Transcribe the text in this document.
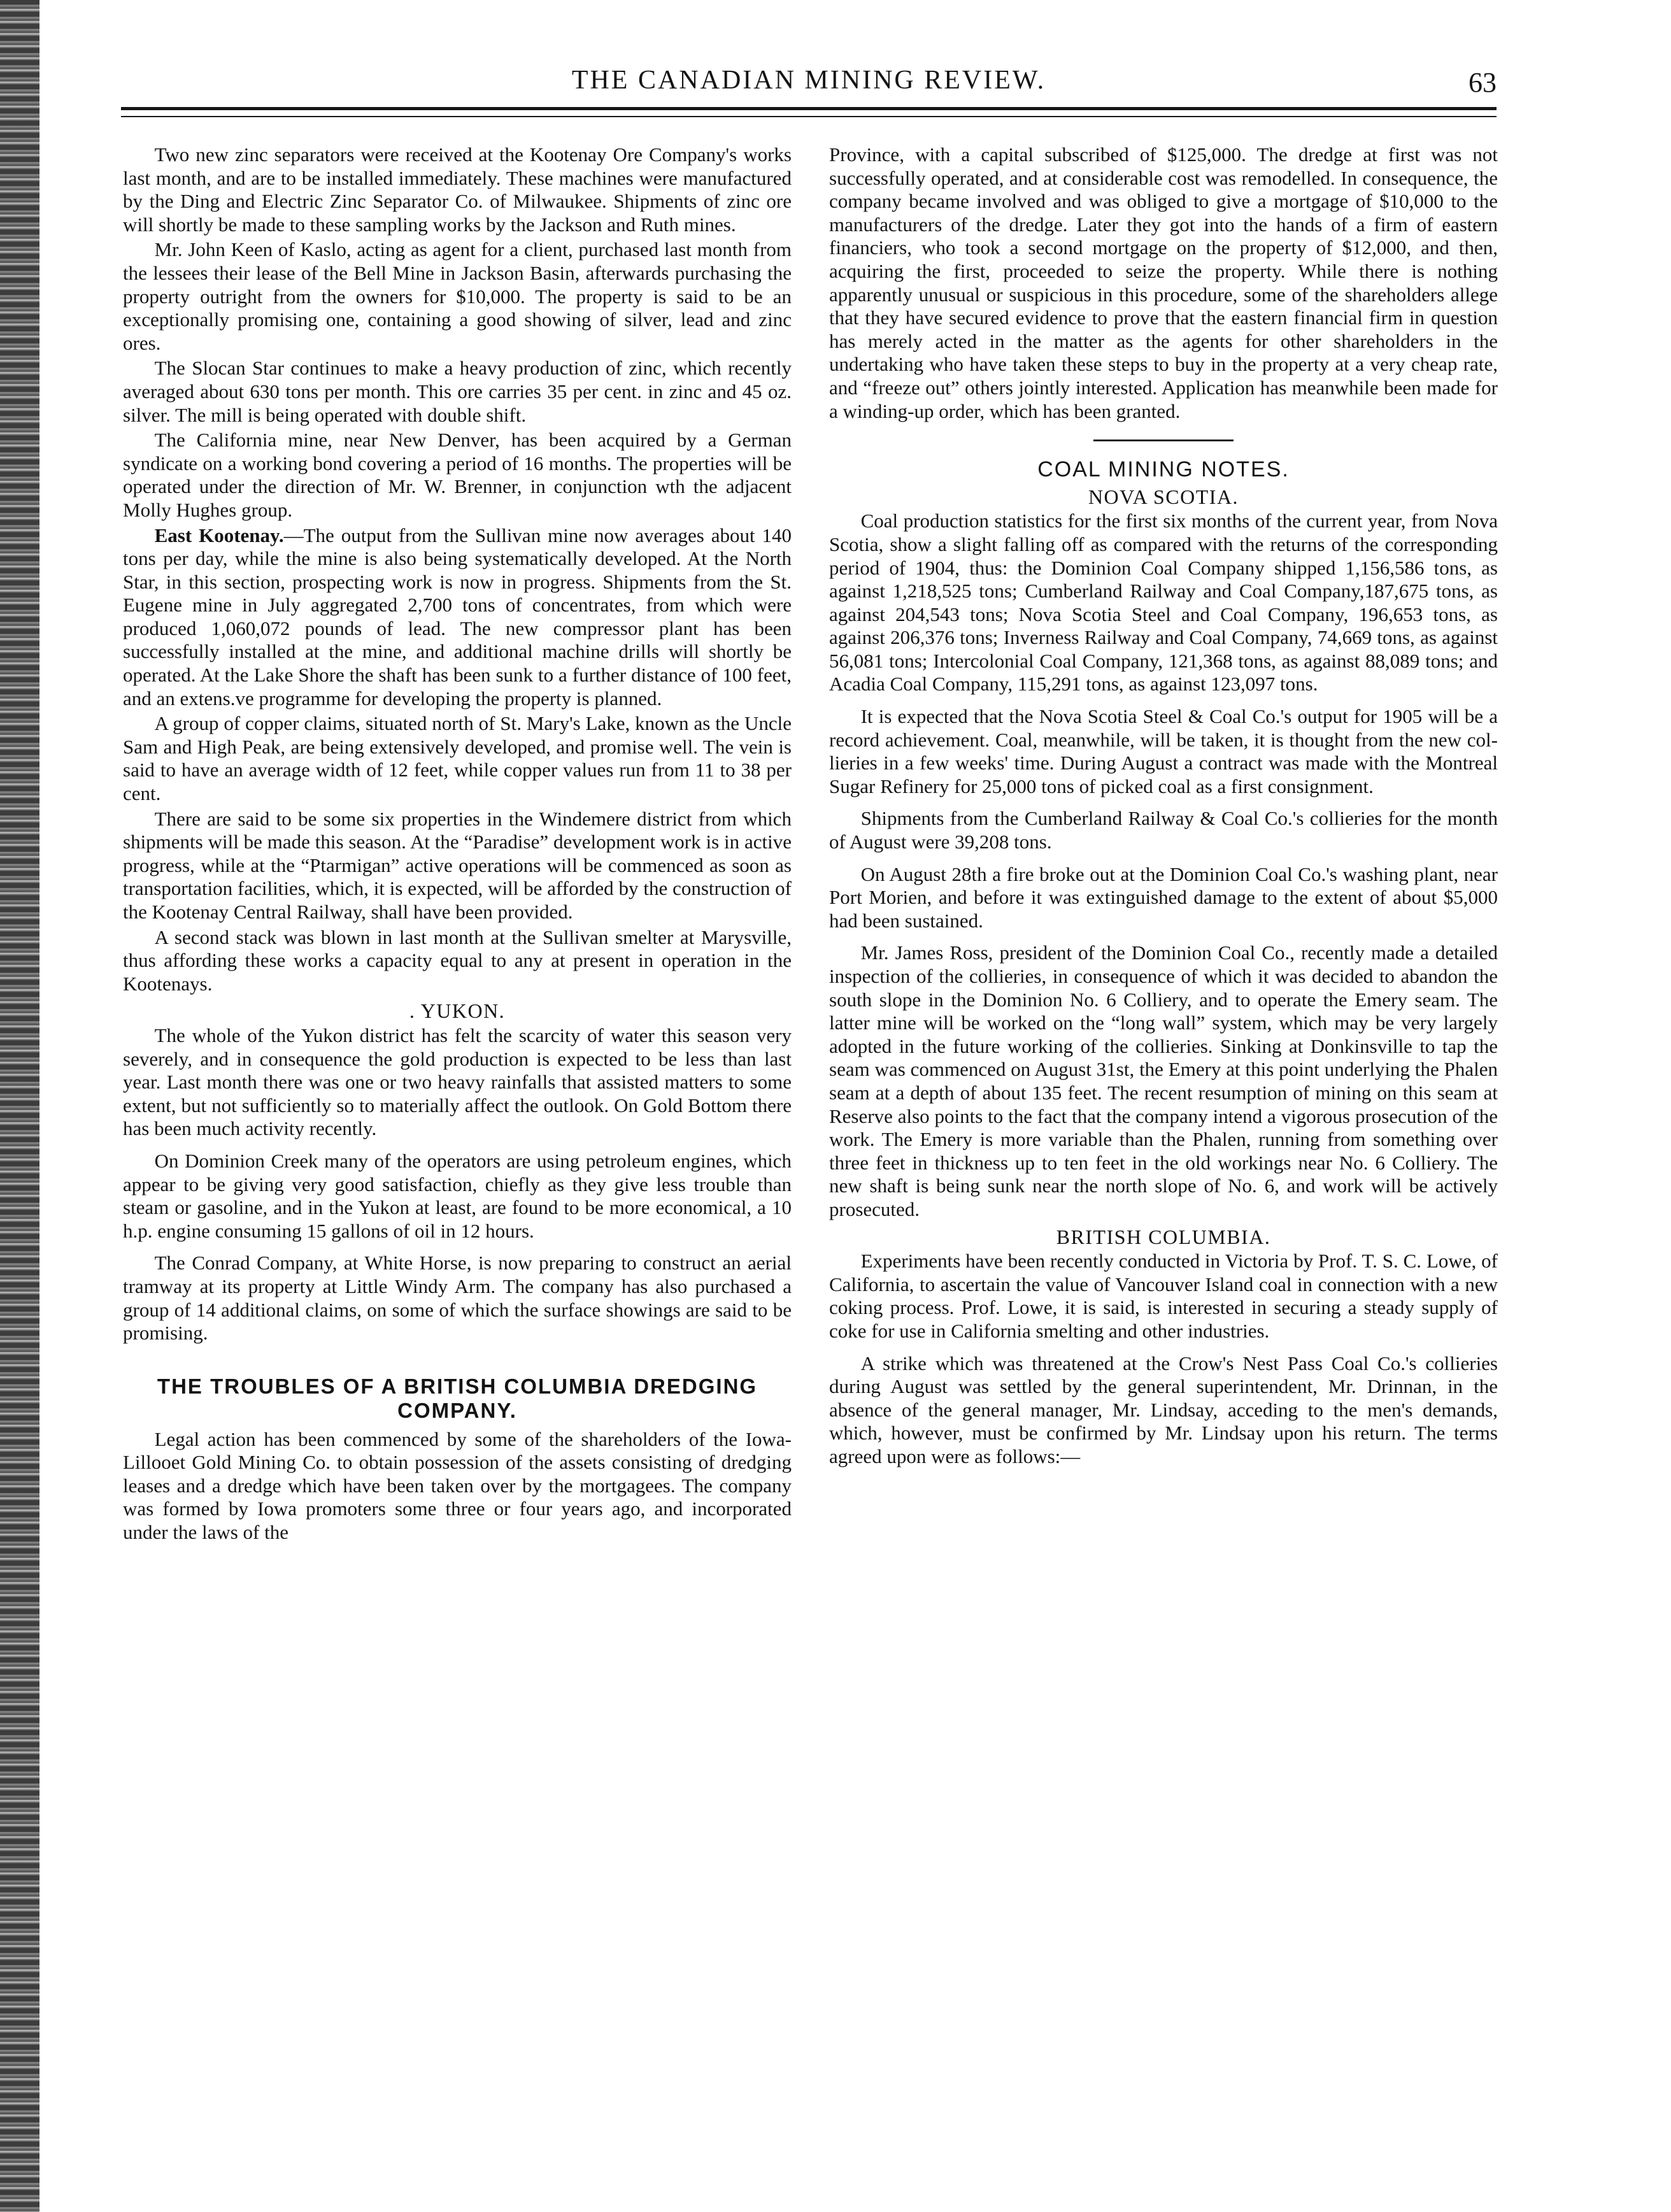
THE CANADIAN MINING REVIEW.	63

Two new zinc separators were received at the Kootenay Ore Company's works last month, and are to be installed immediately. These machines were manufactured by the Ding and Electric Zinc Separator Co. of Milwaukee. Shipments of zinc ore will shortly be made to these sampling works by the Jackson and Ruth mines.

Mr. John Keen of Kaslo, acting as agent for a client, purchased last month from the lessees their lease of the Bell Mine in Jackson Basin, afterwards purchasing the property outright from the owners for $10,000. The property is said to be an exceptionally promising one, containing a good showing of silver, lead and zinc ores.

The Slocan Star continues to make a heavy production of zinc, which recently averaged about 630 tons per month. This ore carries 35 per cent. in zinc and 45 oz. silver. The mill is being operated with double shift.

The California mine, near New Denver, has been acquired by a German syndicate on a working bond covering a period of 16 months. The properties will be operated under the direction of Mr. W. Brenner, in conjunction wth the adjacent Molly Hughes group.

East Kootenay.—The output from the Sullivan mine now averages about 140 tons per day, while the mine is also being systematically developed. At the North Star, in this section, prospecting work is now in progress. Shipments from the St. Eugene mine in July aggregated 2,700 tons of concentrates, from which were produced 1,060,072 pounds of lead. The new compressor plant has been successfully installed at the mine, and additional machine drills will shortly be operated. At the Lake Shore the shaft has been sunk to a further distance of 100 feet, and an extens.ve programme for developing the property is planned.

A group of copper claims, situated north of St. Mary's Lake, known as the Uncle Sam and High Peak, are being extensively developed, and promise well. The vein is said to have an average width of 12 feet, while copper values run from 11 to 38 per cent.

There are said to be some six properties in the Windemere district from which shipments will be made this season. At the “Paradise” development work is in active progress, while at the “Ptarmigan” active operations will be commenced as soon as transportation facilities, which, it is expected, will be afforded by the construction of the Kootenay Central Railway, shall have been provided.

A second stack was blown in last month at the Sullivan smelter at Marysville, thus affording these works a capacity equal to any at present in operation in the Kootenays.

. YUKON.

The whole of the Yukon district has felt the scarcity of water this season very severely, and in consequence the gold production is expected to be less than last year. Last month there was one or two heavy rainfalls that assisted matters to some extent, but not sufficiently so to materially affect the outlook. On Gold Bottom there has been much activity recently.

On Dominion Creek many of the operators are using petroleum engines, which appear to be giving very good satisfaction, chiefly as they give less trouble than steam or gasoline, and in the Yukon at least, are found to be more economical, a 10 h.p. engine consuming 15 gallons of oil in 12 hours.

The Conrad Company, at White Horse, is now preparing to construct an aerial tramway at its property at Little Windy Arm. The company has also purchased a group of 14 additional claims, on some of which the surface showings are said to be promising.

THE TROUBLES OF A BRITISH COLUMBIA DREDGING COMPANY.

Legal action has been commenced by some of the shareholders of the Iowa-Lillooet Gold Mining Co. to obtain possession of the assets consisting of dredging leases and a dredge which have been taken over by the mortgagees. The company was formed by Iowa promoters some three or four years ago, and incorporated under the laws of the

Province, with a capital subscribed of $125,000. The dredge at first was not successfully operated, and at considerable cost was remodelled. In consequence, the company became involved and was obliged to give a mortgage of $10,000 to the manufacturers of the dredge. Later they got into the hands of a firm of eastern financiers, who took a second mortgage on the property of $12,000, and then, acquiring the first, proceeded to seize the property. While there is nothing apparently unusual or suspicious in this procedure, some of the shareholders allege that they have secured evidence to prove that the eastern financial firm in question has merely acted in the matter as the agents for other shareholders in the undertaking who have taken these steps to buy in the property at a very cheap rate, and “freeze out” others jointly interested. Application has meanwhile been made for a winding-up order, which has been granted.

COAL MINING NOTES.
NOVA SCOTIA.

Coal production statistics for the first six months of the current year, from Nova Scotia, show a slight falling off as compared with the returns of the corresponding period of 1904, thus: the Dominion Coal Company shipped 1,156,586 tons, as against 1,218,525 tons; Cumberland Railway and Coal Company,187,675 tons, as against 204,543 tons; Nova Scotia Steel and Coal Company, 196,653 tons, as against 206,376 tons; Inverness Railway and Coal Company, 74,669 tons, as against 56,081 tons; Intercolonial Coal Company, 121,368 tons, as against 88,089 tons; and Acadia Coal Company, 115,291 tons, as against 123,097 tons.

It is expected that the Nova Scotia Steel & Coal Co.'s output for 1905 will be a record achievement. Coal, meanwhile, will be taken, it is thought from the new collieries in a few weeks' time. During August a contract was made with the Montreal Sugar Refinery for 25,000 tons of picked coal as a first consignment.

Shipments from the Cumberland Railway & Coal Co.'s collieries for the month of August were 39,208 tons.

On August 28th a fire broke out at the Dominion Coal Co.'s washing plant, near Port Morien, and before it was extinguished damage to the extent of about $5,000 had been sustained.

Mr. James Ross, president of the Dominion Coal Co., recently made a detailed inspection of the collieries, in consequence of which it was decided to abandon the south slope in the Dominion No. 6 Colliery, and to operate the Emery seam. The latter mine will be worked on the “long wall” system, which may be very largely adopted in the future working of the collieries. Sinking at Donkinsville to tap the seam was commenced on August 31st, the Emery at this point underlying the Phalen seam at a depth of about 135 feet. The recent resumption of mining on this seam at Reserve also points to the fact that the company intend a vigorous prosecution of the work. The Emery is more variable than the Phalen, running from something over three feet in thickness up to ten feet in the old workings near No. 6 Colliery. The new shaft is being sunk near the north slope of No. 6, and work will be actively prosecuted.

BRITISH COLUMBIA.

Experiments have been recently conducted in Victoria by Prof. T. S. C. Lowe, of California, to ascertain the value of Vancouver Island coal in connection with a new coking process. Prof. Lowe, it is said, is interested in securing a steady supply of coke for use in California smelting and other industries.

A strike which was threatened at the Crow's Nest Pass Coal Co.'s collieries during August was settled by the general superintendent, Mr. Drinnan, in the absence of the general manager, Mr. Lindsay, acceding to the men's demands, which, however, must be confirmed by Mr. Lindsay upon his return. The terms agreed upon were as follows:—
